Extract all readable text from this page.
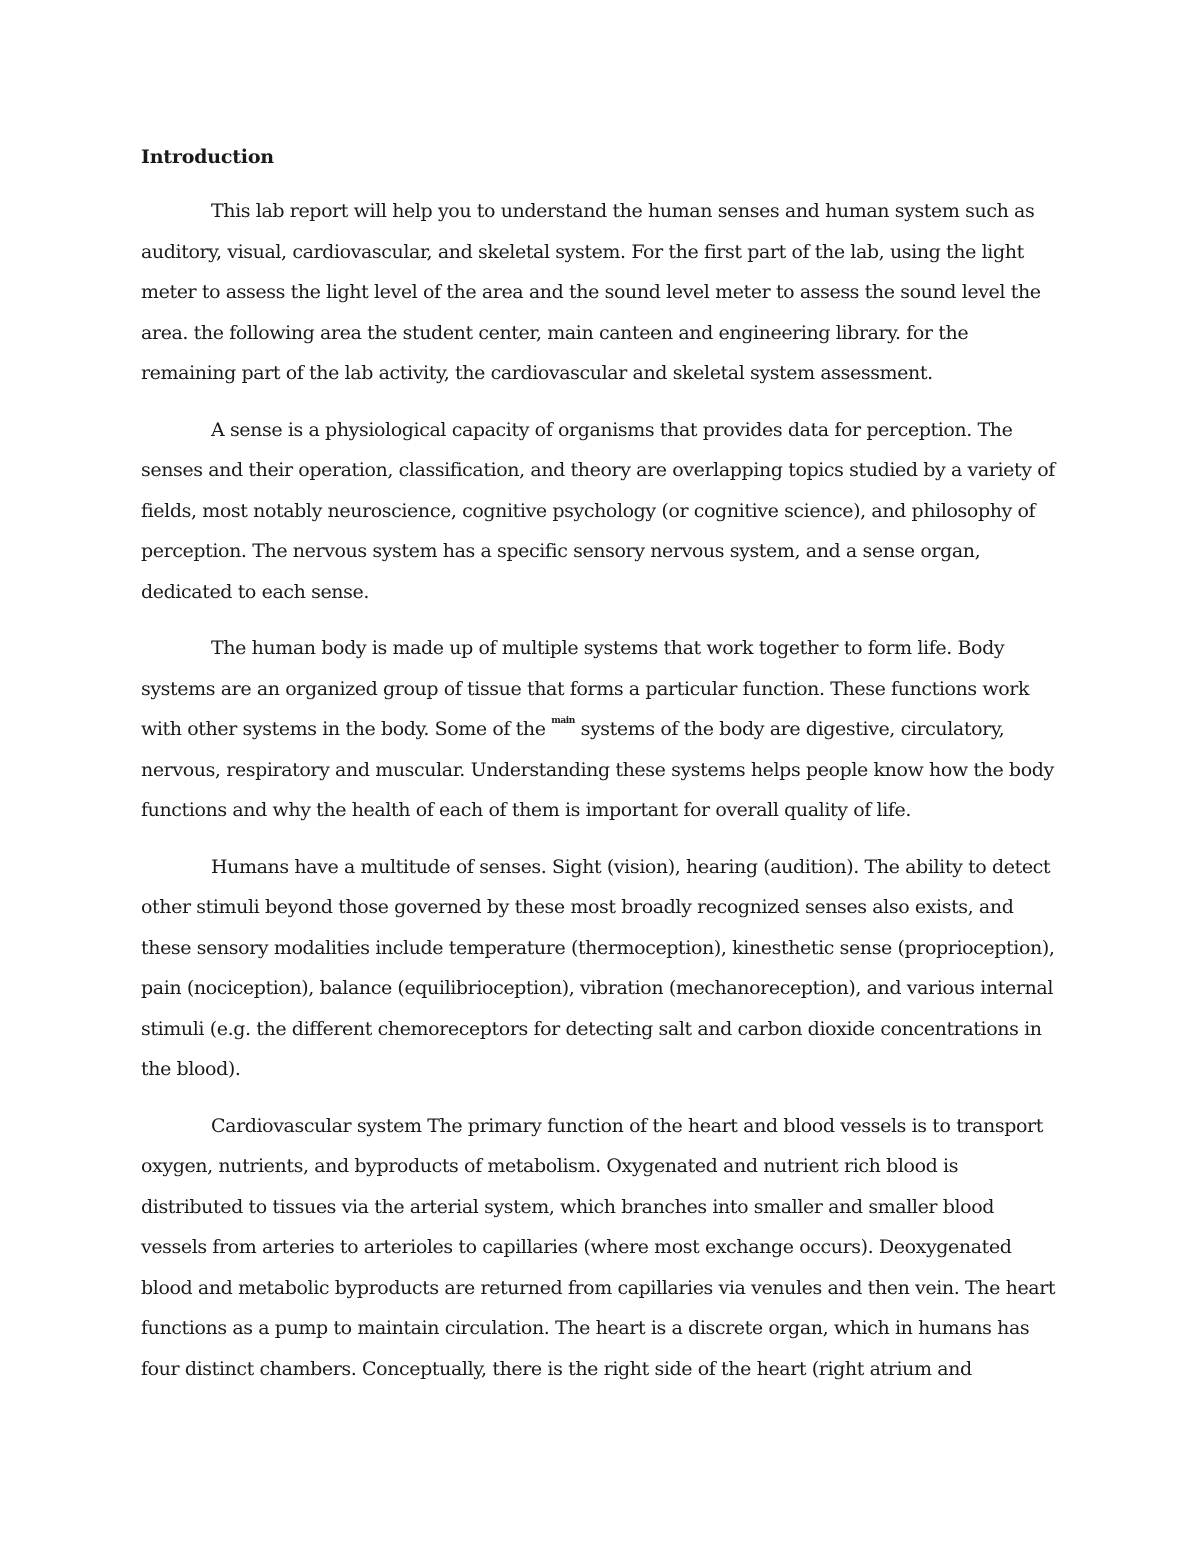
Introduction

This lab report will help you to understand the human senses and human system such as auditory, visual, cardiovascular, and skeletal system. For the first part of the lab, using the light meter to assess the light level of the area and the sound level meter to assess the sound level the area. the following area the student center, main canteen and engineering library. for the remaining part of the lab activity, the cardiovascular and skeletal system assessment.

A sense is a physiological capacity of organisms that provides data for perception. The senses and their operation, classification, and theory are overlapping topics studied by a variety of fields, most notably neuroscience, cognitive psychology (or cognitive science), and philosophy of perception. The nervous system has a specific sensory nervous system, and a sense organ, dedicated to each sense.

The human body is made up of multiple systems that work together to form life. Body systems are an organized group of tissue that forms a particular function. These functions work with other systems in the body. Some of the $^{main}$ systems of the body are digestive, circulatory, nervous, respiratory and muscular. Understanding these systems helps people know how the body functions and why the health of each of them is important for overall quality of life.

Humans have a multitude of senses. Sight (vision), hearing (audition). The ability to detect other stimuli beyond those governed by these most broadly recognized senses also exists, and these sensory modalities include temperature (thermoception), kinesthetic sense (proprioception), pain (nociception), balance (equilibrioception), vibration (mechanoreception), and various internal stimuli (e.g. the different chemoreceptors for detecting salt and carbon dioxide concentrations in the blood).

Cardiovascular system The primary function of the heart and blood vessels is to transport oxygen, nutrients, and byproducts of metabolism. Oxygenated and nutrient rich blood is distributed to tissues via the arterial system, which branches into smaller and smaller blood vessels from arteries to arterioles to capillaries (where most exchange occurs). Deoxygenated blood and metabolic byproducts are returned from capillaries via venules and then vein. The heart functions as a pump to maintain circulation. The heart is a discrete organ, which in humans has four distinct chambers. Conceptually, there is the right side of the heart (right atrium and
